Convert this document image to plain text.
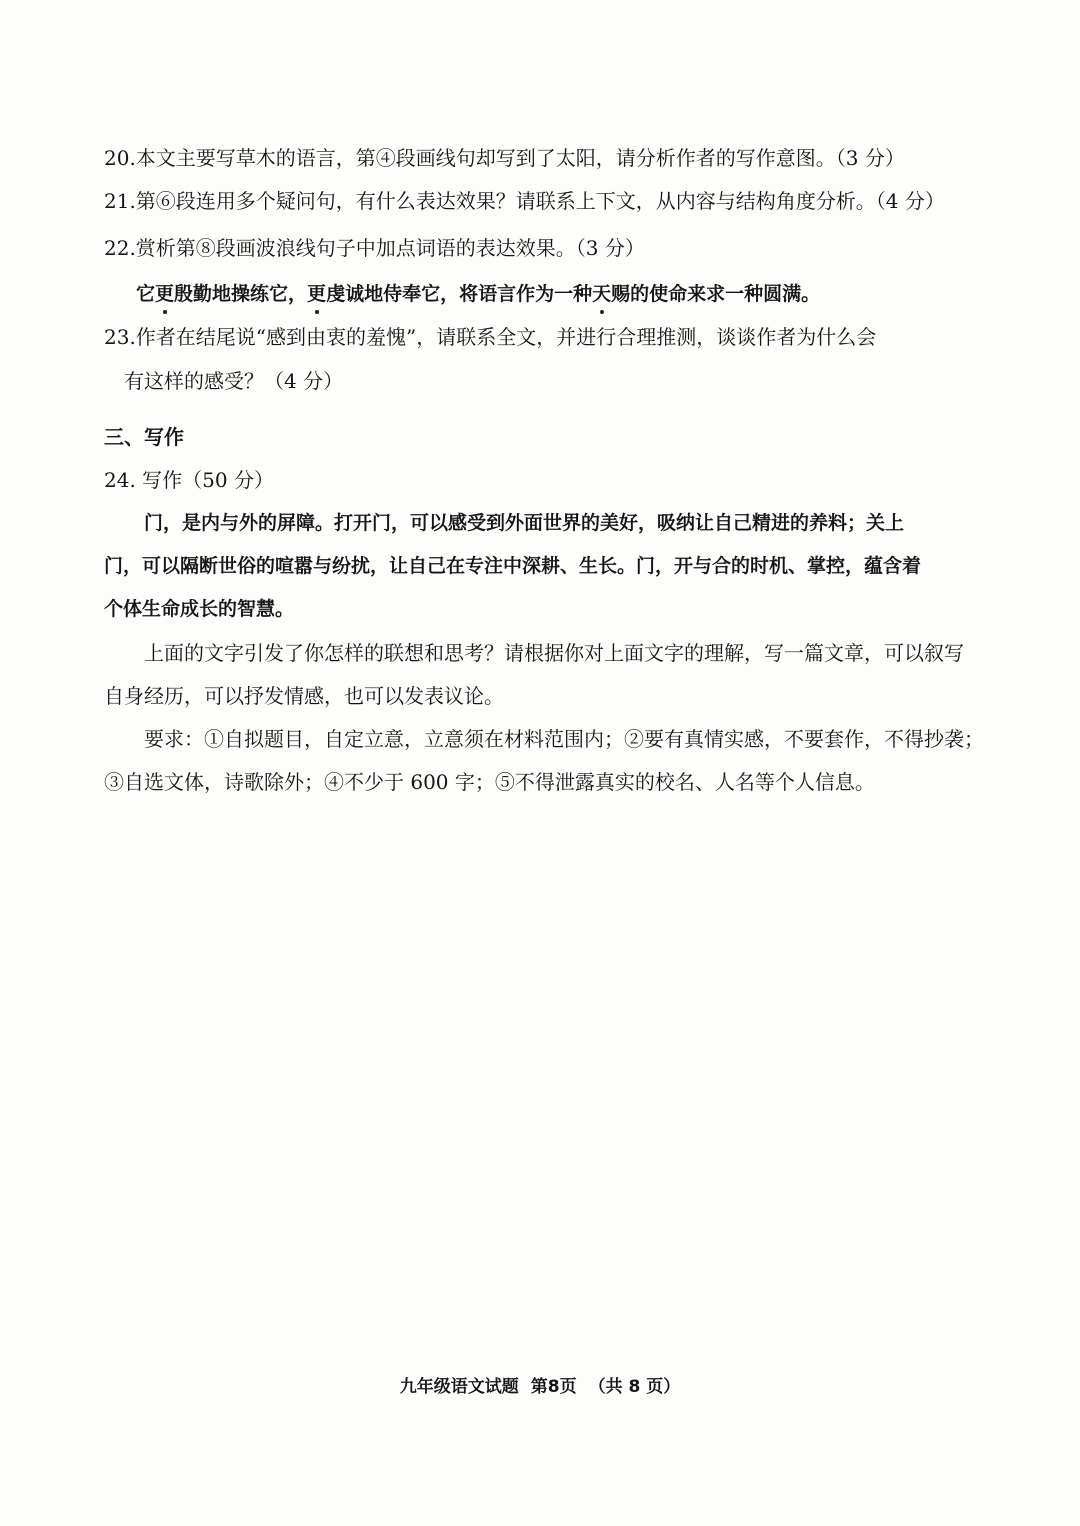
20.本文主要写草木的语言，第④段画线句却写到了太阳，请分析作者的写作意图。（3 分）
21.第⑥段连用多个疑问句，有什么表达效果？请联系上下文，从内容与结构角度分析。（4 分）
22.赏析第⑧段画波浪线句子中加点词语的表达效果。（3 分）
它更殷勤地操练它，更虔诚地侍奉它，将语言作为一种天赐的使命来求一种圆满。
23.作者在结尾说“感到由衷的羞愧”，请联系全文，并进行合理推测，谈谈作者为什么会
有这样的感受？（4 分）
三、写作
24. 写作（50 分）
门，是内与外的屏障。打开门，可以感受到外面世界的美好，吸纳让自己精进的养料；关上
门，可以隔断世俗的喧嚣与纷扰，让自己在专注中深耕、生长。门，开与合的时机、掌控，蕴含着
个体生命成长的智慧。
上面的文字引发了你怎样的联想和思考？请根据你对上面文字的理解，写一篇文章，可以叙写
自身经历，可以抒发情感，也可以发表议论。
要求：①自拟题目，自定立意，立意须在材料范围内；②要有真情实感，不要套作，不得抄袭；
③自选文体，诗歌除外；④不少于 600 字；⑤不得泄露真实的校名、人名等个人信息。
九年级语文试题 第8页 （共 8 页）
